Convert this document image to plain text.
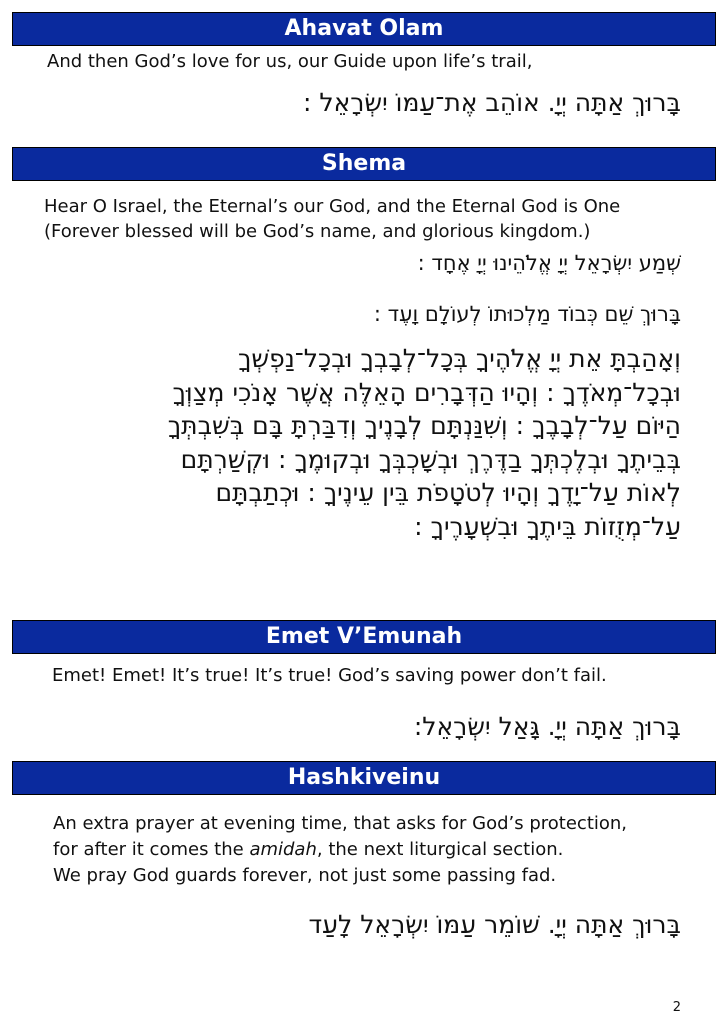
Ahavat Olam
And then God’s love for us, our Guide upon life’s trail,
בָּרוּךְ אַתָּה יְיָ. אוֹהֵב אֶת־עַמּוֹ יִשְׂרָאֵל :
Shema
Hear O Israel, the Eternal’s our God, and the Eternal God is One
(Forever blessed will be God’s name, and glorious kingdom.)
שְׁמַע יִשְׂרָאֵל יְיָ אֱלֹהֵינוּ יְיָ אֶחָד :
בָּרוּךְ שֵׁם כְּבוֹד מַלְכוּתוֹ לְעוֹלָם וָעֶד :
וְאָהַבְתָּ אֵת יְיָ אֱלֹהֶיךָ בְּכָל־לְבָבְךָ וּבְכָל־נַפְשְׁךָ
וּבְכָל־מְאֹדֶךָ : וְהָיוּ הַדְּבָרִים הָאֵלֶּה אֲשֶׁר אָנֹכִי מְצַוְּךָ
הַיּוֹם עַל־לְבָבֶךָ : וְשִׁנַּנְתָּם לְבָנֶיךָ וְדִבַּרְתָּ בָּם בְּשִׁבְתְּךָ
בְּבֵיתֶךָ וּבְלֶכְתְּךָ בַדֶּרֶךְ וּבְשָׁכְבְּךָ וּבְקוּמֶךָ : וּקְשַׁרְתָּם
לְאוֹת עַל־יָדֶךָ וְהָיוּ לְטֹטָפֹת בֵּין עֵינֶיךָ : וּכְתַבְתָּם
עַל־מְזֻזוֹת בֵּיתֶךָ וּבִשְׁעָרֶיךָ :
Emet V’Emunah
Emet! Emet! It’s true! It’s true! God’s saving power don’t fail.
בָּרוּךְ אַתָּה יְיָ. גָּאַל יִשְׂרָאֵל:
Hashkiveinu
An extra prayer at evening time, that asks for God’s protection,
for after it comes the amidah, the next liturgical section.
We pray God guards forever, not just some passing fad.
בָּרוּךְ אַתָּה יְיָ. שׁוֹמֵר עַמּוֹ יִשְׂרָאֵל לָעַד
2
